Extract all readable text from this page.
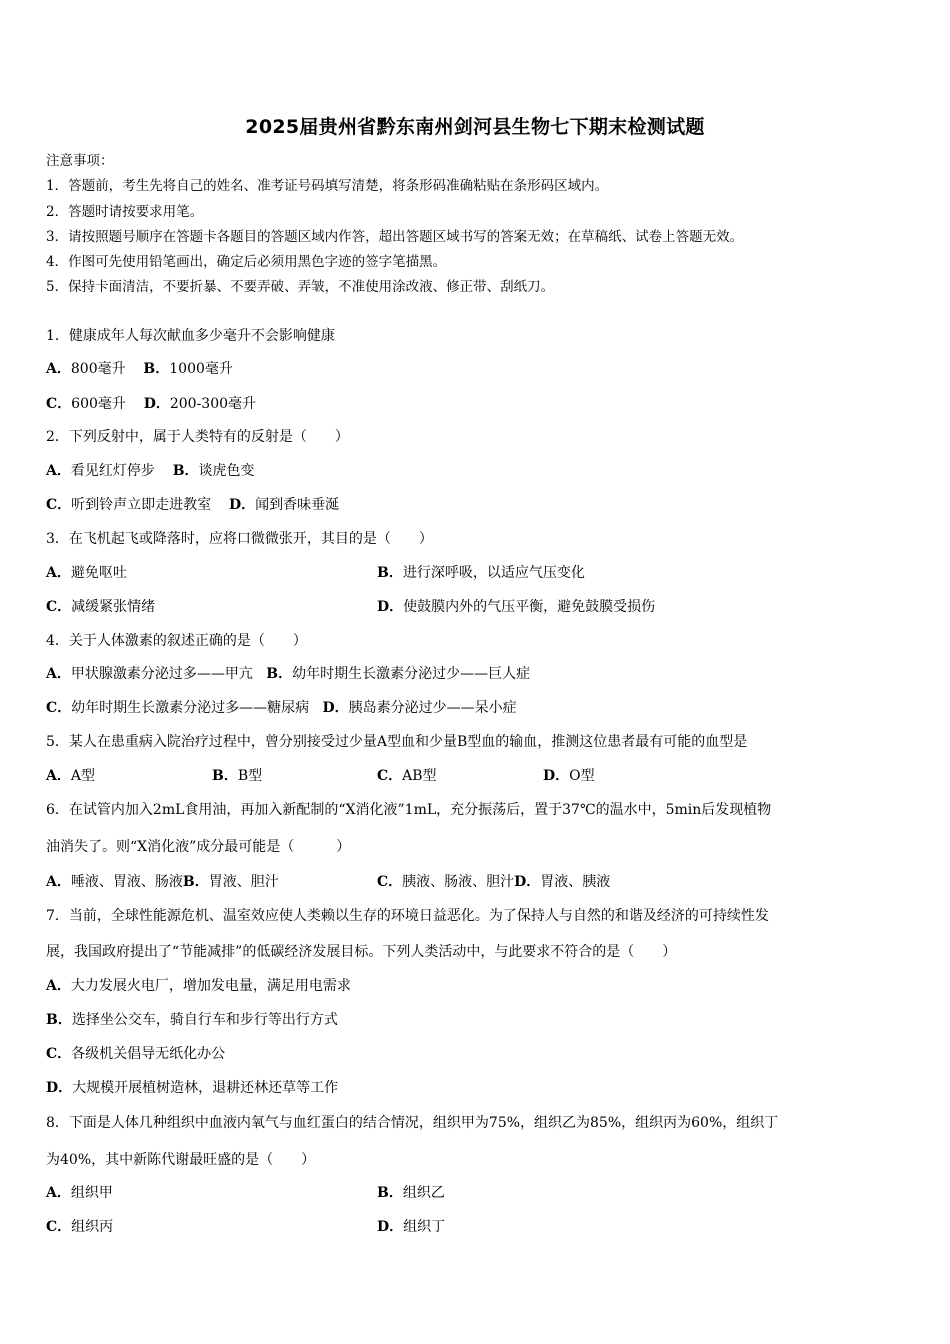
2025届贵州省黔东南州剑河县生物七下期末检测试题
注意事项：
1．答题前，考生先将自己的姓名、准考证号码填写清楚，将条形码准确粘贴在条形码区域内。
2．答题时请按要求用笔。
3．请按照题号顺序在答题卡各题目的答题区域内作答，超出答题区域书写的答案无效；在草稿纸、试卷上答题无效。
4．作图可先使用铅笔画出，确定后必须用黑色字迹的签字笔描黑。
5．保持卡面清洁，不要折暴、不要弄破、弄皱，不准使用涂改液、修正带、刮纸刀。
1．健康成年人每次献血多少毫升不会影响健康
A．800毫升 B．1000毫升
C．600毫升 D．200-300毫升
2．下列反射中，属于人类特有的反射是（　　）
A．看见红灯停步 B．谈虎色变
C．听到铃声立即走进教室 D．闻到香味垂涎
3．在飞机起飞或降落时，应将口微微张开，其目的是（　　）
A．避免呕吐	B．进行深呼吸，以适应气压变化
C．减缓紧张情绪	D．使鼓膜内外的气压平衡，避免鼓膜受损伤
4．关于人体激素的叙述正确的是（　　）
A．甲状腺激素分泌过多——甲亢 B．幼年时期生长激素分泌过少——巨人症
C．幼年时期生长激素分泌过多——糖尿病 D．胰岛素分泌过少——呆小症
5．某人在患重病入院治疗过程中，曾分别接受过少量A型血和少量B型血的输血，推测这位患者最有可能的血型是
A．A型	B．B型	C．AB型	D．O型
6．在试管内加入2mL食用油，再加入新配制的“X消化液”1mL，充分振荡后，置于37℃的温水中，5min后发现植物
油消失了。则“X消化液”成分最可能是（　　　）
A．唾液、胃液、肠液B．胃液、胆汁	C．胰液、肠液、胆汁D．胃液、胰液
7．当前，全球性能源危机、温室效应使人类赖以生存的环境日益恶化。为了保持人与自然的和谐及经济的可持续性发
展，我国政府提出了“节能减排”的低碳经济发展目标。下列人类活动中，与此要求不符合的是（　　）
A．大力发展火电厂，增加发电量，满足用电需求
B．选择坐公交车，骑自行车和步行等出行方式
C．各级机关倡导无纸化办公
D．大规模开展植树造林，退耕还林还草等工作
8．下面是人体几种组织中血液内氧气与血红蛋白的结合情况，组织甲为75%，组织乙为85%，组织丙为60%，组织丁
为40%，其中新陈代谢最旺盛的是（　　）
A．组织甲	B．组织乙
C．组织丙	D．组织丁
